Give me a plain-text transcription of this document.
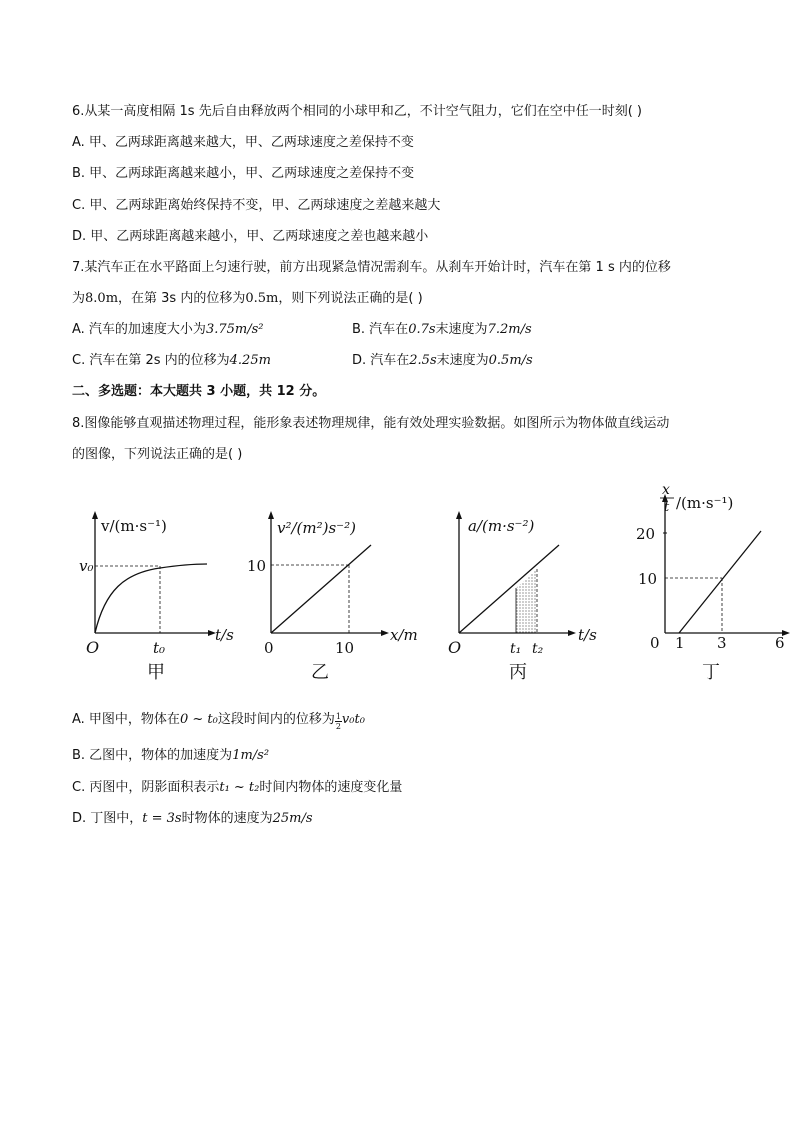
6.从某一高度相隔 1s 先后自由释放两个相同的小球甲和乙，不计空气阻力，它们在空中任一时刻( )
A. 甲、乙两球距离越来越大，甲、乙两球速度之差保持不变
B. 甲、乙两球距离越来越小，甲、乙两球速度之差保持不变
C. 甲、乙两球距离始终保持不变，甲、乙两球速度之差越来越大
D. 甲、乙两球距离越来越小，甲、乙两球速度之差也越来越小
7.某汽车正在水平路面上匀速行驶，前方出现紧急情况需刹车。从刹车开始计时，汽车在第 1 s 内的位移
为8.0m，在第 3s 内的位移为0.5m，则下列说法正确的是( )
A. 汽车的加速度大小为3.75m/s²	B. 汽车在0.7s末速度为7.2m/s
C. 汽车在第 2s 内的位移为4.25m	D. 汽车在2.5s末速度为0.5m/s
二、多选题：本大题共 3 小题，共 12 分。
8.图像能够直观描述物理过程，能形象表述物理规律，能有效处理实验数据。如图所示为物体做直线运动
的图像，下列说法正确的是( )
v/(m·s⁻¹)
v₀
O	t₀
t/s
甲
v²/(m²)s⁻²)
10
0	10
x/m
乙
a/(m·s⁻²)
O	t₁ t₂
t/s
丙
x
t /(m·s⁻¹)
20
10
0 1 3	6
丁
A. 甲图中，物体在0 ~ t₀这段时间内的位移为 $\frac{1}{2} v_0t_0$
B. 乙图中，物体的加速度为1m/s²
C. 丙图中，阴影面积表示t₁ ~ t₂时间内物体的速度变化量
D. 丁图中，t = 3s时物体的速度为25m/s
